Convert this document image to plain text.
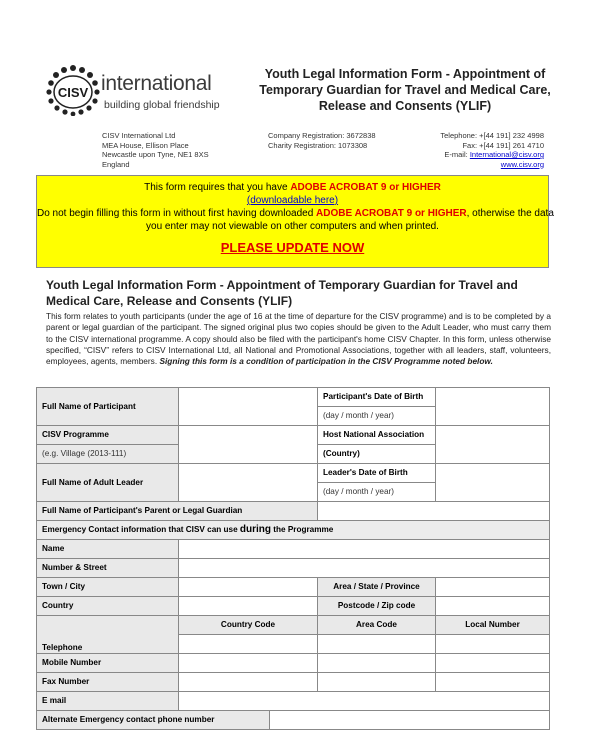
CISV international
building global friendship
Youth Legal Information Form - Appointment of
Temporary Guardian for Travel and Medical Care,
Release and Consents (YLIF)
CISV International Ltd
MEA House, Ellison Place
Newcastle upon Tyne, NE1 8XS
England
Company Registration: 3672838
Charity Registration: 1073308
Telephone: +[44 191] 232 4998
Fax: +[44 191] 261 4710
E-mail: International@cisv.org
www.cisv.org
This form requires that you have ADOBE ACROBAT 9 or HIGHER
(downloadable here)
Do not begin filling this form in without first having downloaded ADOBE ACROBAT 9 or HIGHER, otherwise the data
you enter may not viewable on other computers and when printed.
PLEASE UPDATE NOW
Youth Legal Information Form - Appointment of Temporary Guardian for Travel and Medical Care, Release and Consents (YLIF)
This form relates to youth participants (under the age of 16 at the time of departure for the CISV programme) and is to be completed by a parent or legal guardian of the participant. The signed original plus two copies should be given to the Adult Leader, who must carry them to the CISV international programme. A copy should also be filed with the participant's home CISV Chapter. In this form, unless otherwise specified, “CISV” refers to CISV International Ltd, all National and Promotional Associations, together with all leaders, staff, volunteers, employees, agents, members. Signing this form is a condition of participation in the CISV Programme noted below.
Full Name of Participant			Participant's Date of Birth	
			(day / month / year)	
CISV Programme			Host National Association	
(e.g. Village (2013-111)			(Country)	
Full Name of Adult Leader			Leader's Date of Birth	
			(day / month / year)	
Full Name of Participant's Parent or Legal Guardian				
Emergency Contact information that CISV can use during the Programme				
Name				
Number & Street				
Town / City			Area / State / Province	
Country			Postcode / Zip code	
Telephone	Country Code		Area Code	Local Number

Mobile Number				
Fax Number				
E mail				
Alternate Emergency contact phone number				
